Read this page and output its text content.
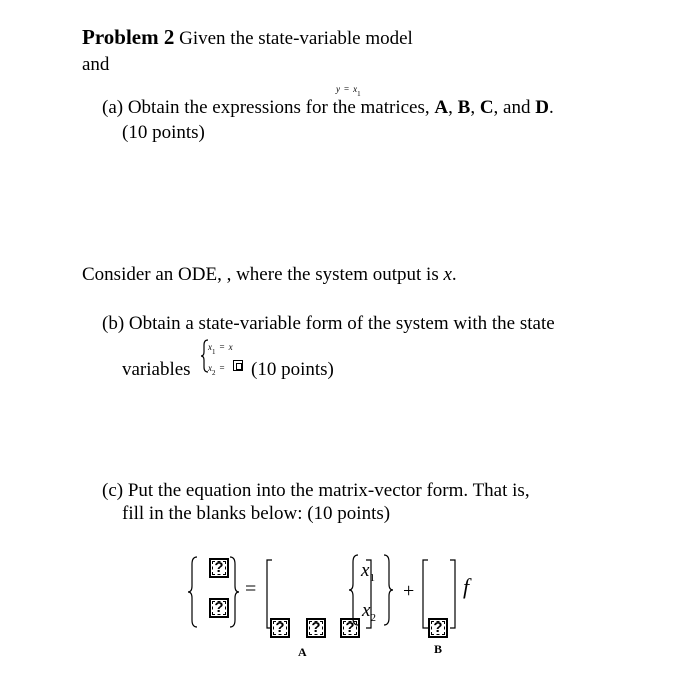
Problem 2 Given the state-variable model
and
$y = x_1$
(a) Obtain the expressions for the matrices, A, B, C, and D.
(10 points)
Consider an ODE, , where the system output is x.
(b) Obtain a state-variable form of the system with the state
variables
$x_1 = x$
$x_2 = (10$ points)
(c) Put the equation into the matrix-vector form. That is,
fill in the blanks below: (10 points)
?
?
=
?	?	?
A
$x_1$
$x_2$
+
?
B
f
